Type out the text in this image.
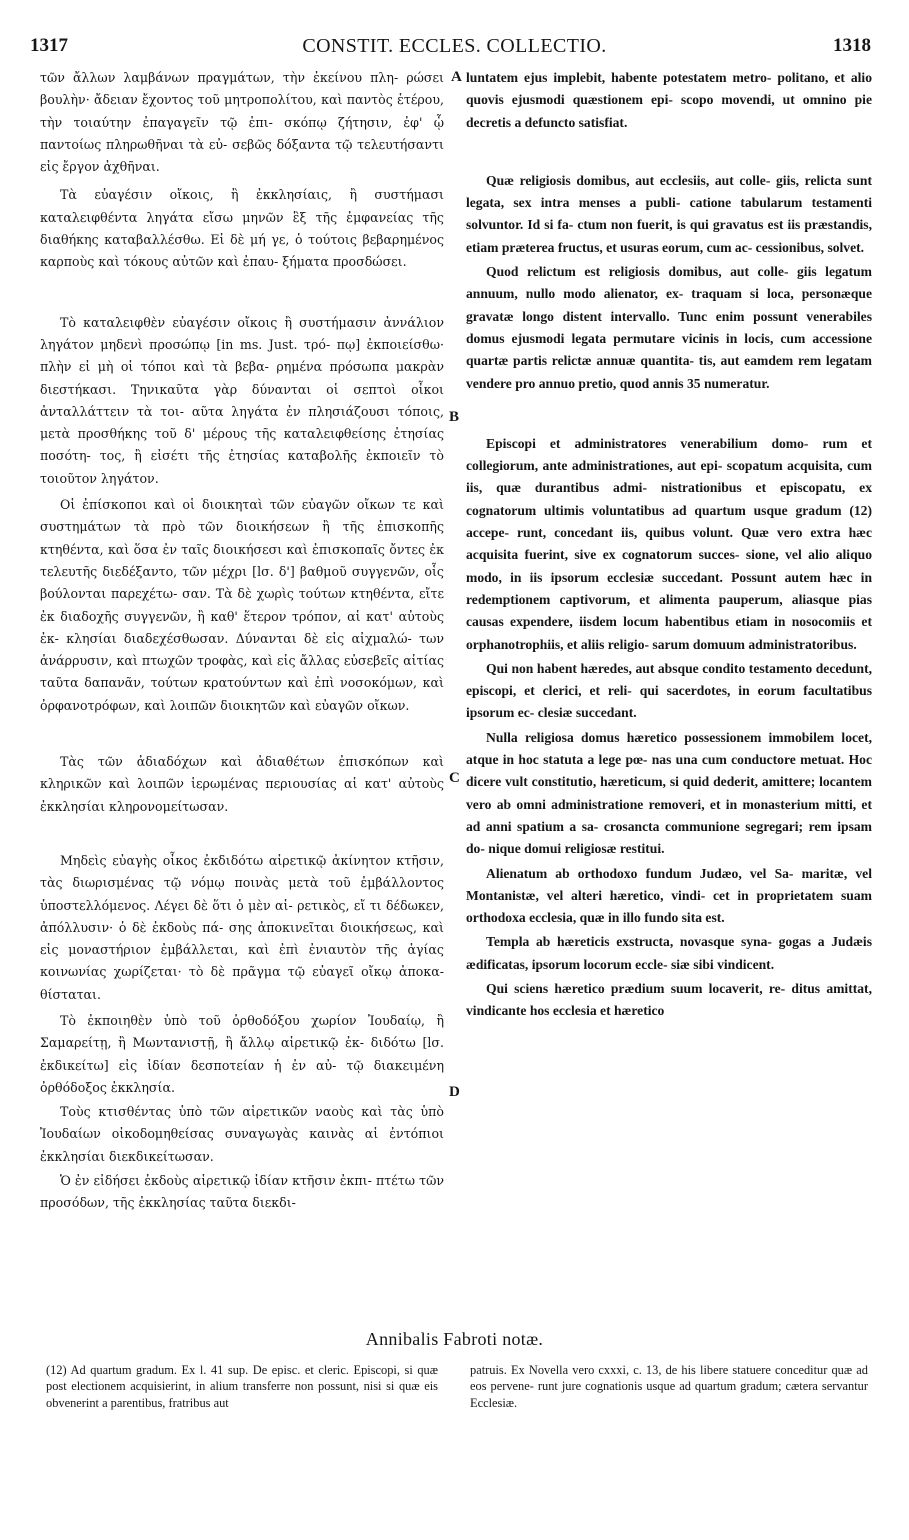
1317	CONSTIT. ECCLES. COLLECTIO.	1318

τῶν ἄλλων λαμβάνων πραγμάτων, τὴν ἐκείνου πλη- ρώσει βουλὴν· ἄδειαν ἔχοντος τοῦ μητροπολίτου, καὶ παντὸς ἑτέρου, τὴν τοιαύτην ἐπαγαγεῖν τῷ ἐπι- σκόπῳ ζήτησιν, ἐφ' ᾧ παντοίως πληρωθῆναι τὰ εὐ- σεβῶς δόξαντα τῷ τελευτήσαντι εἰς ἔργον ἀχθῆναι.

Τὰ εὐαγέσιν οἴκοις, ἢ ἐκκλησίαις, ἢ συστήμασι καταλειφθέντα ληγάτα εἴσω μηνῶν ἓξ τῆς ἐμφανείας τῆς διαθήκης καταβαλλέσθω. Εἰ δὲ μή γε, ὁ τούτοις βεβαρημένος καρποὺς καὶ τόκους αὐτῶν καὶ ἐπαυ- ξήματα προσδώσει.

Τὸ καταλειφθὲν εὐαγέσιν οἴκοις ἢ συστήμασιν ἀννάλιον ληγάτον μηδενὶ προσώπῳ [in ms. Just. τρό- πῳ] ἐκποιείσθω· πλὴν εἰ μὴ οἱ τόποι καὶ τὰ βεβα- ρημένα πρόσωπα μακρὰν διεστήκασι. Τηνικαῦτα γὰρ δύνανται οἱ σεπτοὶ οἶκοι ἀνταλλάττειν τὰ τοι- αῦτα ληγάτα ἐν πλησιάζουσι τόποις, μετὰ προσθήκης τοῦ δ' μέρους τῆς καταλειφθείσης ἐτησίας ποσότη- τος, ἢ εἰσέτι τῆς ἐτησίας καταβολῆς ἐκποιεῖν τὸ τοιοῦτον ληγάτον.

Οἱ ἐπίσκοποι καὶ οἱ διοικηταὶ τῶν εὐαγῶν οἴκων τε καὶ συστημάτων τὰ πρὸ τῶν διοικήσεων ἢ τῆς ἐπισκοπῆς κτηθέντα, καὶ ὅσα ἐν ταῖς διοικήσεσι καὶ ἐπισκοπαῖς ὄντες ἐκ τελευτῆς διεδέξαντο, τῶν μέχρι [lσ. δ'] βαθμοῦ συγγενῶν, οἷς βούλονται παρεχέτω- σαν. Τὰ δὲ χωρὶς τούτων κτηθέντα, εἴτε ἐκ διαδοχῆς συγγενῶν, ἢ καθ' ἕτερον τρόπον, αἱ κατ' αὐτοὺς ἐκ- κλησίαι διαδεχέσθωσαν. Δύνανται δὲ εἰς αἰχμαλώ- των ἀνάρρυσιν, καὶ πτωχῶν τροφὰς, καὶ εἰς ἄλλας εὐσεβεῖς αἰτίας ταῦτα δαπανᾶν, τούτων κρατούντων καὶ ἐπὶ νοσοκόμων, καὶ ὀρφανοτρόφων, καὶ λοιπῶν διοικητῶν καὶ εὐαγῶν οἴκων.

Τὰς τῶν ἀδιαδόχων καὶ ἀδιαθέτων ἐπισκόπων καὶ κληρικῶν καὶ λοιπῶν ἱερωμένας περιουσίας αἱ κατ' αὐτοὺς ἐκκλησίαι κληρονομείτωσαν.

Μηδεὶς εὐαγὴς οἶκος ἐκδιδότω αἱρετικῷ ἀκίνητον κτῆσιν, τὰς διωρισμένας τῷ νόμῳ ποινὰς μετὰ τοῦ ἐμβάλλοντος ὑποστελλόμενος. Λέγει δὲ ὅτι ὁ μὲν αἱ- ρετικὸς, εἴ τι δέδωκεν, ἀπόλλυσιν· ὁ δὲ ἐκδοὺς πά- σης ἀποκινεῖται διοικήσεως, καὶ εἰς μοναστήριον ἐμβάλλεται, καὶ ἐπὶ ἐνιαυτὸν τῆς ἁγίας κοινωνίας χωρίζεται· τὸ δὲ πρᾶγμα τῷ εὐαγεῖ οἴκῳ ἀποκα- θίσταται.

Τὸ ἐκποιηθὲν ὑπὸ τοῦ ὀρθοδόξου χωρίον Ἰουδαίῳ, ἢ Σαμαρείτῃ, ἢ Μωντανιστῇ, ἢ ἄλλῳ αἱρετικῷ ἐκ- διδότω [lσ. ἐκδικείτω] εἰς ἰδίαν δεσποτείαν ἡ ἐν αὐ- τῷ διακειμένη ὀρθόδοξος ἐκκλησία.

Τοὺς κτισθέντας ὑπὸ τῶν αἱρετικῶν ναοὺς καὶ τὰς ὑπὸ Ἰουδαίων οἰκοδομηθείσας συναγωγὰς καινὰς αἱ ἐντόπιοι ἐκκλησίαι διεκδικείτωσαν.

Ὁ ἐν εἰδήσει ἐκδοὺς αἱρετικῷ ἰδίαν κτῆσιν ἐκπι- πτέτω τῶν προσόδων, τῆς ἐκκλησίας ταῦτα διεκδι-

A
B
C
D

luntatem ejus implebit, habente potestatem metro- politano, et alio quovis ejusmodi quæstionem epi- scopo movendi, ut omnino pie decretis a defuncto satisfiat.

Quæ religiosis domibus, aut ecclesiis, aut colle- giis, relicta sunt legata, sex intra menses a publi- catione tabularum testamenti solvuntor. Id si fa- ctum non fuerit, is qui gravatus est iis præstandis, etiam præterea fructus, et usuras eorum, cum ac- cessionibus, solvet.

Quod relictum est religiosis domibus, aut colle- giis legatum annuum, nullo modo alienator, ex- traquam si loca, personæque gravatæ longo distent intervallo. Tunc enim possunt venerabiles domus ejusmodi legata permutare vicinis in locis, cum accessione quartæ partis relictæ annuæ quantita- tis, aut eamdem rem legatam vendere pro annuo pretio, quod annis 35 numeratur.

Episcopi et administratores venerabilium domo- rum et collegiorum, ante administrationes, aut epi- scopatum acquisita, cum iis, quæ durantibus admi- nistrationibus et episcopatu, ex cognatorum ultimis voluntatibus ad quartum usque gradum (12) accepe- runt, concedant iis, quibus volunt. Quæ vero extra hæc acquisita fuerint, sive ex cognatorum succes- sione, vel alio aliquo modo, in iis ipsorum ecclesiæ succedant. Possunt autem hæc in redemptionem captivorum, et alimenta pauperum, aliasque pias causas expendere, iisdem locum habentibus etiam in nosocomiis et orphanotrophiis, et aliis religio- sarum domuum administratoribus.

Qui non habent hæredes, aut absque condito testamento decedunt, episcopi, et clerici, et reli- qui sacerdotes, in eorum facultatibus ipsorum ec- clesiæ succedant.

Nulla religiosa domus hæretico possessionem immobilem locet, atque in hoc statuta a lege pœ- nas una cum conductore metuat. Hoc dicere vult constitutio, hæreticum, si quid dederit, amittere; locantem vero ab omni administratione removeri, et in monasterium mitti, et ad anni spatium a sa- crosancta communione segregari; rem ipsam do- nique domui religiosæ restitui.

Alienatum ab orthodoxo fundum Judæo, vel Sa- maritæ, vel Montanistæ, vel alteri hæretico, vindi- cet in proprietatem suam orthodoxa ecclesia, quæ in illo fundo sita est.

Templa ab hæreticis exstructa, novasque syna- gogas a Judæis ædificatas, ipsorum locorum eccle- siæ sibi vindicent.

Qui sciens hæretico prædium suum locaverit, re- ditus amittat, vindicante hos ecclesia et hæretico

Annibalis Fabroti notæ.

(12) Ad quartum gradum. Ex l. 41 sup. De episc. et cleric. Episcopi, si quæ post electionem acquisierint, in alium transferre non possunt, nisi si quæ eis obvenerint a parentibus, fratribus aut

patruis. Ex Novella vero cxxxi, c. 13, de his libere statuere conceditur quæ ad eos pervene- runt jure cognationis usque ad quartum gradum; cætera servantur Ecclesiæ.
